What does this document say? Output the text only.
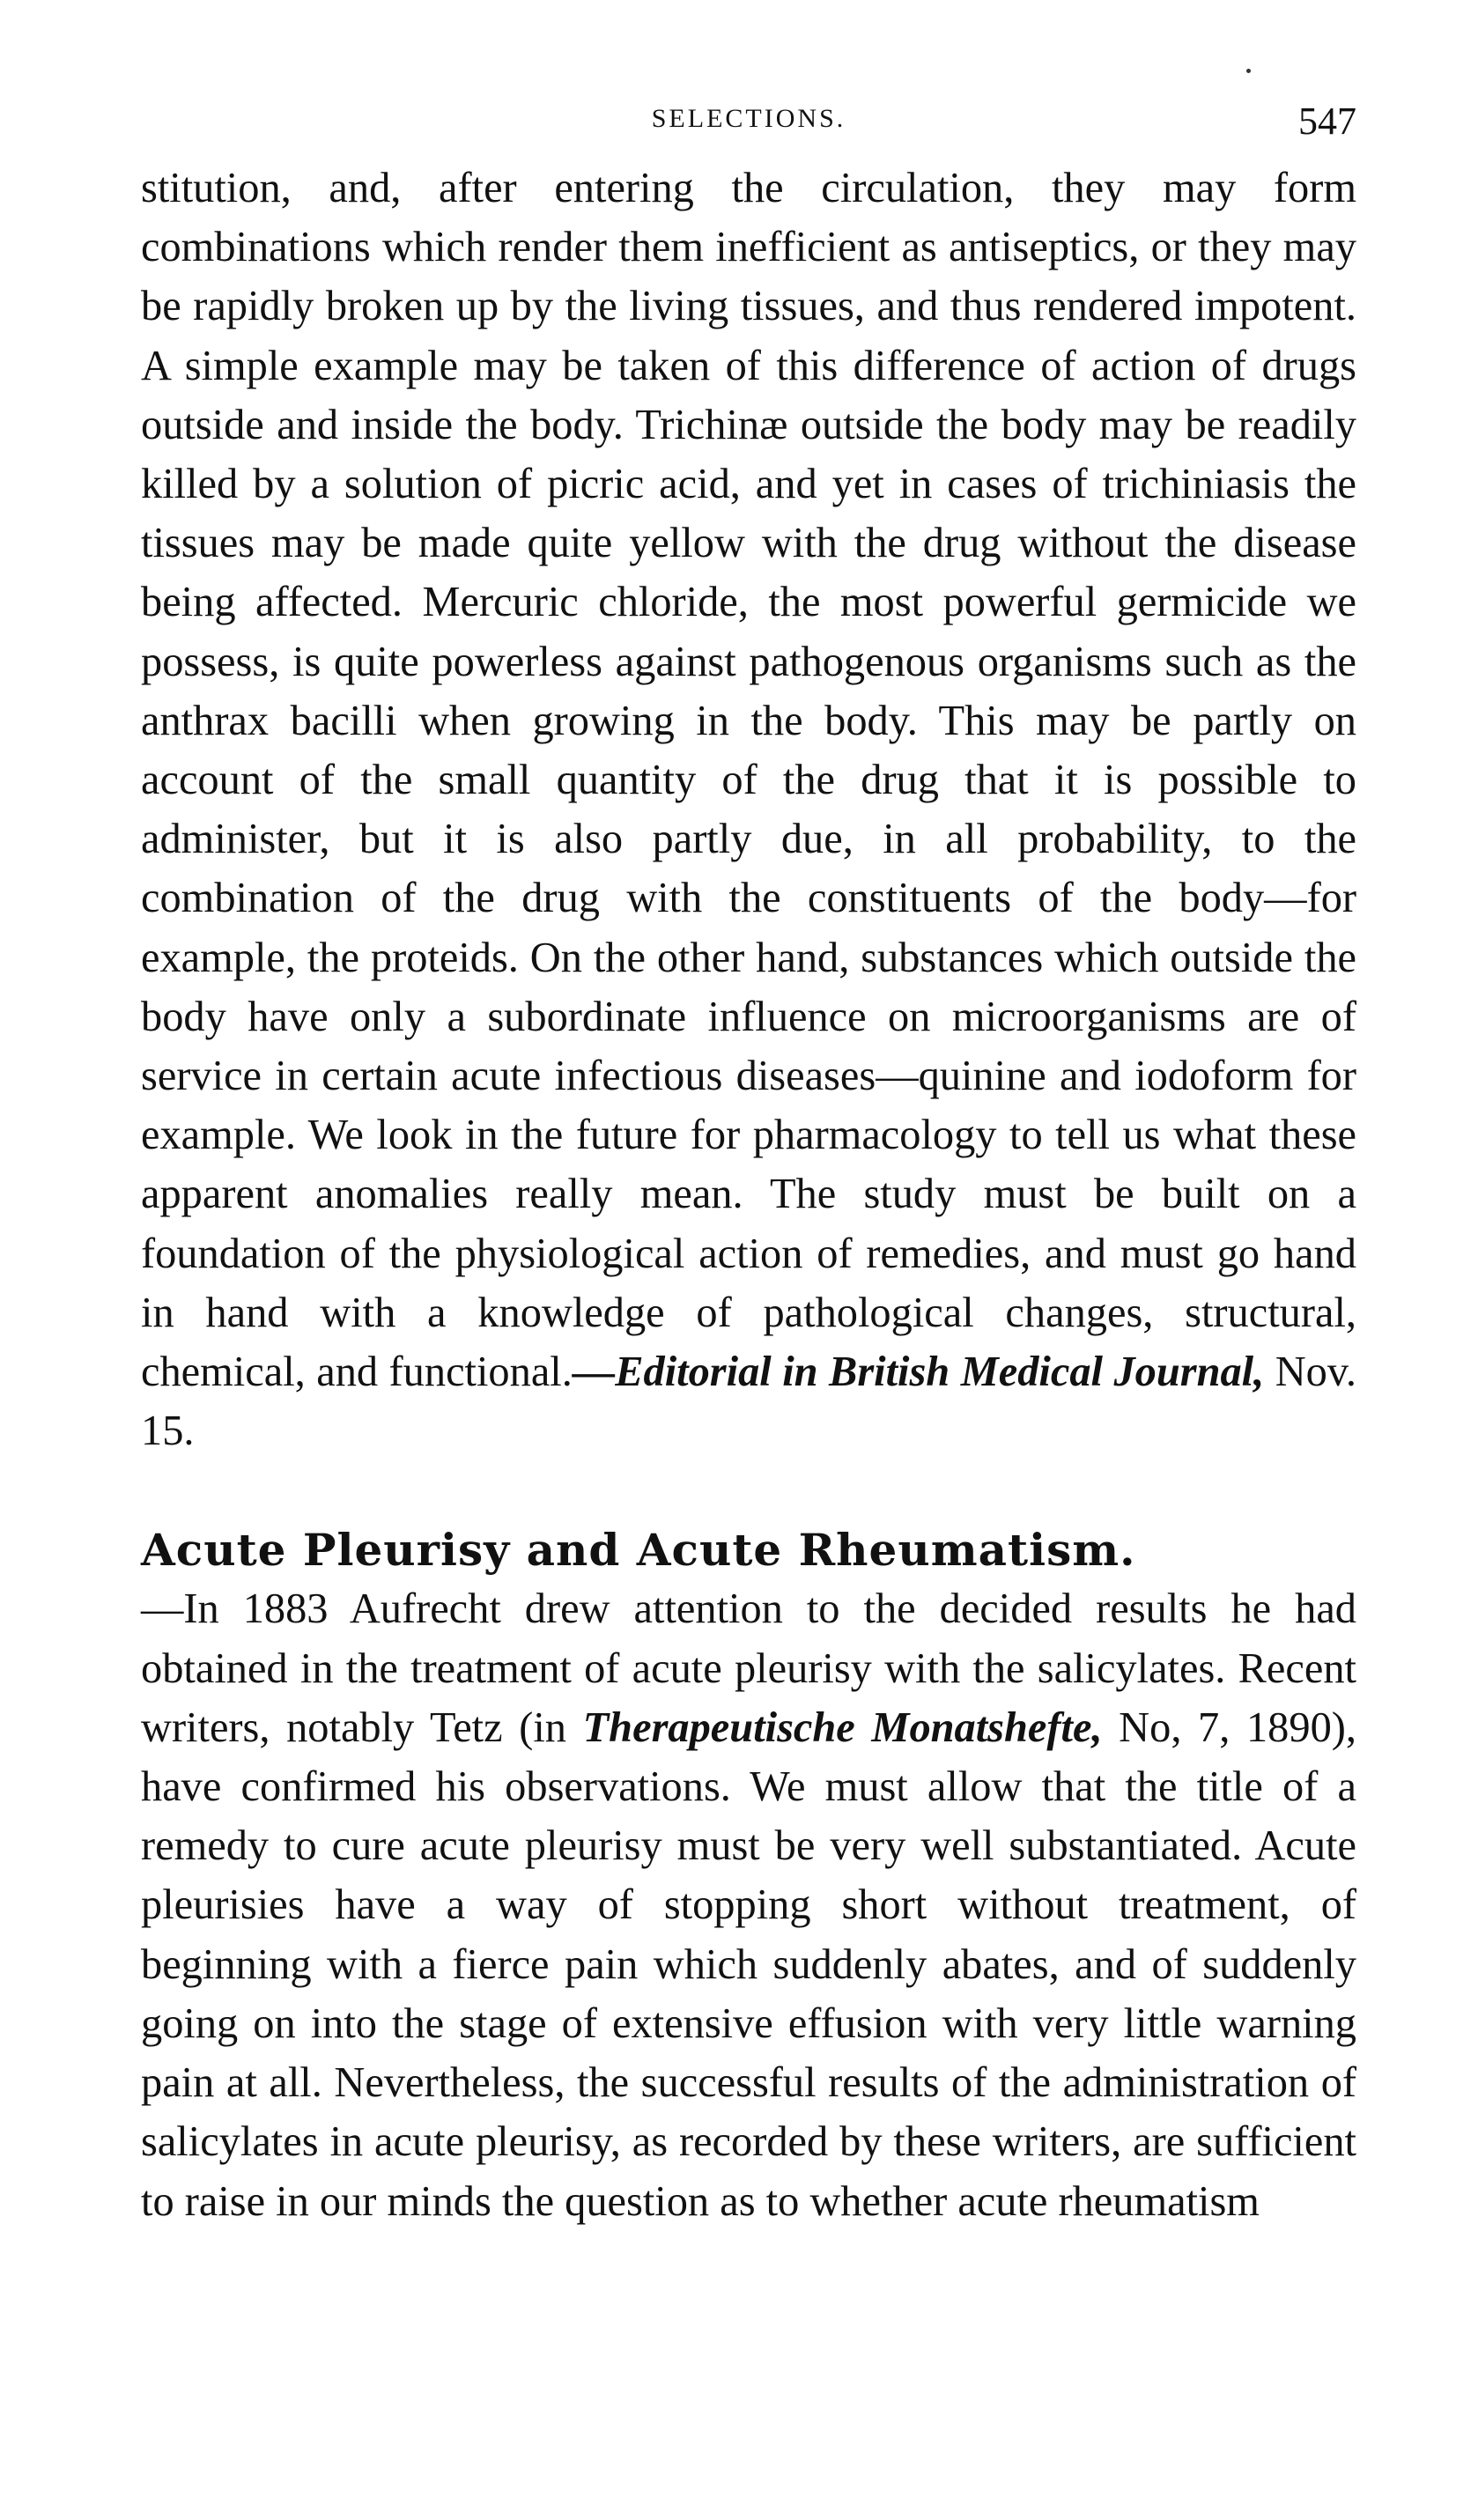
SELECTIONS.	547

stitution, and, after entering the circulation, they may form combinations which render them inefficient as antiseptics, or they may be rapidly broken up by the living tissues, and thus rendered impotent. A simple example may be taken of this difference of action of drugs outside and inside the body. Trichinæ outside the body may be readily killed by a solution of picric acid, and yet in cases of trichiniasis the tissues may be made quite yellow with the drug without the disease being affected. Mercuric chloride, the most powerful germicide we possess, is quite powerless against pathogenous organisms such as the anthrax bacilli when growing in the body. This may be partly on account of the small quantity of the drug that it is possible to administer, but it is also partly due, in all probability, to the combination of the drug with the constituents of the body—for example, the proteids. On the other hand, substances which outside the body have only a subordinate influence on microorganisms are of service in certain acute infectious diseases—quinine and iodoform for example. We look in the future for pharmacology to tell us what these apparent anomalies really mean. The study must be built on a foundation of the physiological action of remedies, and must go hand in hand with a knowledge of pathological changes, structural, chemical, and functional.—Editorial in British Medical Journal, Nov. 15.

Acute Pleurisy and Acute Rheumatism.

—In 1883 Aufrecht drew attention to the decided results he had obtained in the treatment of acute pleurisy with the salicylates. Recent writers, notably Tetz (in Therapeutische Monatshefte, No, 7, 1890), have confirmed his observations. We must allow that the title of a remedy to cure acute pleurisy must be very well substantiated. Acute pleurisies have a way of stopping short without treatment, of beginning with a fierce pain which suddenly abates, and of suddenly going on into the stage of extensive effusion with very little warning pain at all. Nevertheless, the successful results of the administration of salicylates in acute pleurisy, as recorded by these writers, are sufficient to raise in our minds the question as to whether acute rheumatism
